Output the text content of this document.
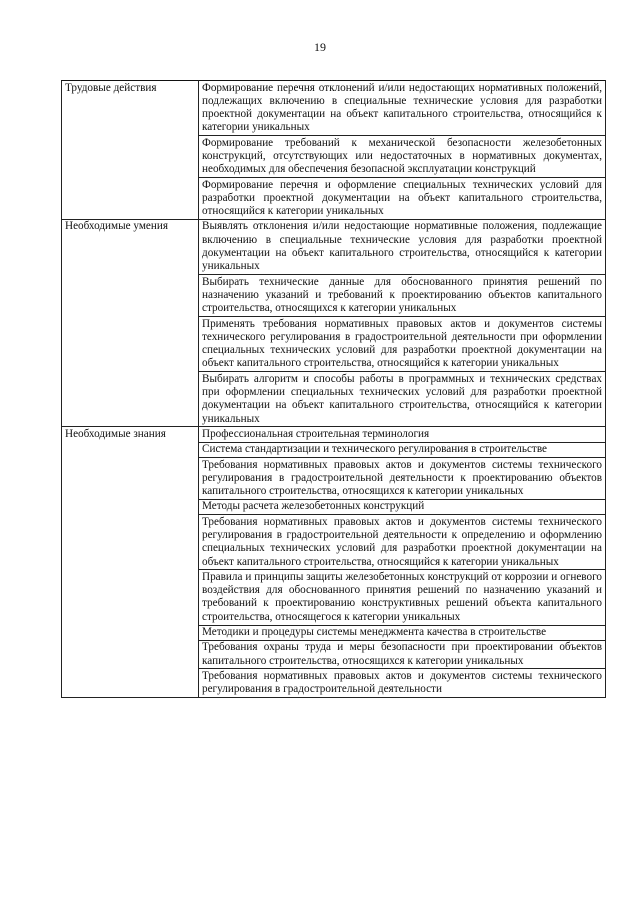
19
Трудовые действия	Формирование перечня отклонений и/или недостающих нормативных положений, подлежащих включению в специальные технические условия для разработки проектной документации на объект капитального строительства, относящийся к категории уникальных
	Формирование требований к механической безопасности железобетонных конструкций, отсутствующих или недостаточных в нормативных документах, необходимых для обеспечения безопасной эксплуатации конструкций
	Формирование перечня и оформление специальных технических условий для разработки проектной документации на объект капитального строительства, относящийся к категории уникальных
Необходимые умения	Выявлять отклонения и/или недостающие нормативные положения, подлежащие включению в специальные технические условия для разработки проектной документации на объект капитального строительства, относящийся к категории уникальных
	Выбирать технические данные для обоснованного принятия решений по назначению указаний и требований к проектированию объектов капитального строительства, относящихся к категории уникальных
	Применять требования нормативных правовых актов и документов системы технического регулирования в градостроительной деятельности при оформлении специальных технических условий для разработки проектной документации на объект капитального строительства, относящийся к категории уникальных
	Выбирать алгоритм и способы работы в программных и технических средствах при оформлении специальных технических условий для разработки проектной документации на объект капитального строительства, относящийся к категории уникальных
Необходимые знания	Профессиональная строительная терминология
	Система стандартизации и технического регулирования в строительстве
	Требования нормативных правовых актов и документов системы технического регулирования в градостроительной деятельности к проектированию объектов капитального строительства, относящихся к категории уникальных
	Методы расчета железобетонных конструкций
	Требования нормативных правовых актов и документов системы технического регулирования в градостроительной деятельности к определению и оформлению специальных технических условий для разработки проектной документации на объект капитального строительства, относящийся к категории уникальных
	Правила и принципы защиты железобетонных конструкций от коррозии и огневого воздействия для обоснованного принятия решений по назначению указаний и требований к проектированию конструктивных решений объекта капитального строительства, относящегося к категории уникальных
	Методики и процедуры системы менеджмента качества в строительстве
	Требования охраны труда и меры безопасности при проектировании объектов капитального строительства, относящихся к категории уникальных
	Требования нормативных правовых актов и документов системы технического регулирования в градостроительной деятельности
